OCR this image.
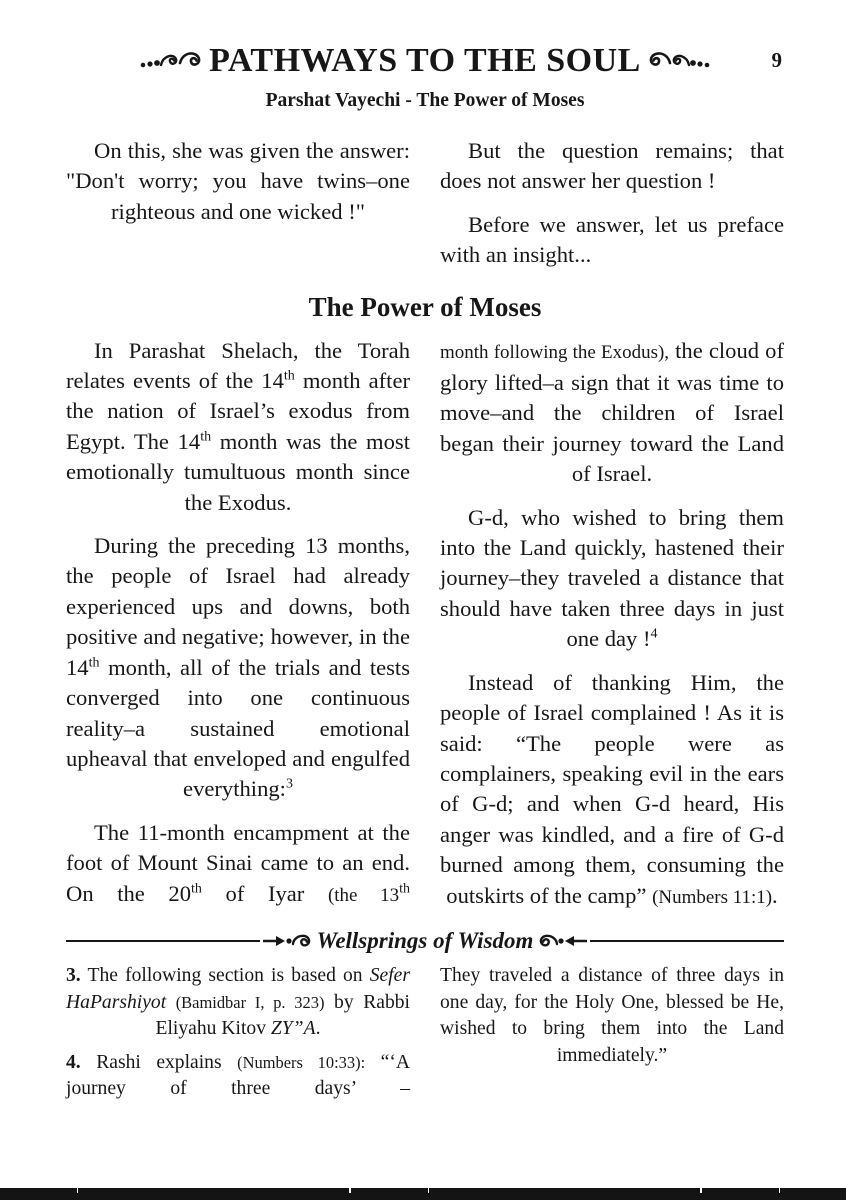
PATHWAYS TO THE SOUL	9
Parshat Vayechi - The Power of Moses

On this, she was given the answer: "Don't worry; you have twins–one righteous and one wicked !"

But the question remains; that does not answer her question !

Before we answer, let us preface with an insight...

The Power of Moses

In Parashat Shelach, the Torah relates events of the 14th month after the nation of Israel’s exodus from Egypt. The 14th month was the most emotionally tumultuous month since the Exodus.

During the preceding 13 months, the people of Israel had already experienced ups and downs, both positive and negative; however, in the 14th month, all of the trials and tests converged into one continuous reality–a sustained emotional upheaval that enveloped and engulfed everything:$^3$

The 11-month encampment at the foot of Mount Sinai came to an end. On the 20th of Iyar (the 13th

month following the Exodus), the cloud of glory lifted–a sign that it was time to move–and the children of Israel began their journey toward the Land of Israel.

G-d, who wished to bring them into the Land quickly, hastened their journey–they traveled a distance that should have taken three days in just one day !$^4$

Instead of thanking Him, the people of Israel complained ! As it is said: “The people were as complainers, speaking evil in the ears of G-d; and when G-d heard, His anger was kindled, and a fire of G-d burned among them, consuming the outskirts of the camp” (Numbers 11:1).

Wellsprings of Wisdom

3. The following section is based on Sefer HaParshiyot (Bamidbar I, p. 323) by Rabbi Eliyahu Kitov ZY”A.

4. Rashi explains (Numbers 10:33): “‘A journey of three days’ –

They traveled a distance of three days in one day, for the Holy One, blessed be He, wished to bring them into the Land immediately.”
